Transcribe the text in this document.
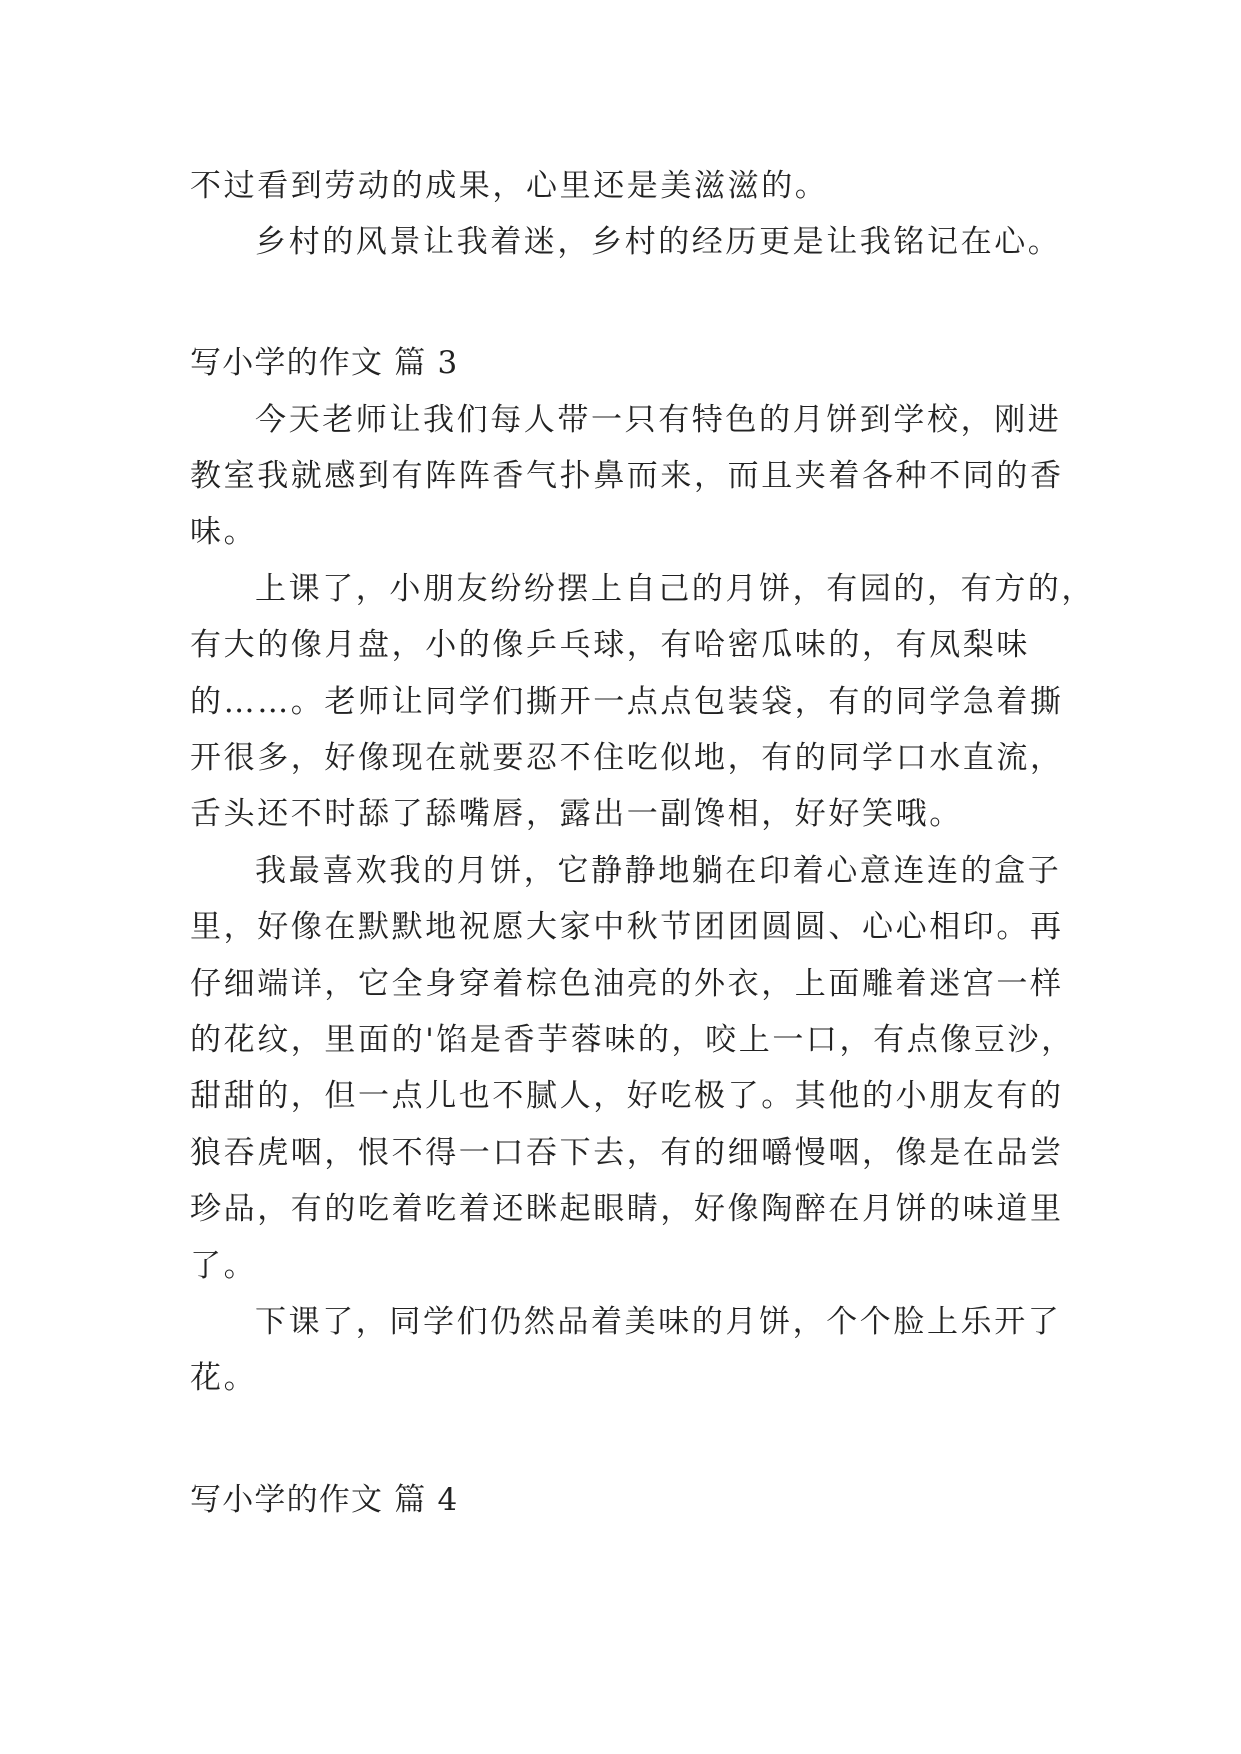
不过看到劳动的成果，心里还是美滋滋的。

乡村的风景让我着迷，乡村的经历更是让我铭记在心。

写小学的作文 篇 3

今天老师让我们每人带一只有特色的月饼到学校，刚进

教室我就感到有阵阵香气扑鼻而来，而且夹着各种不同的香

味。

上课了，小朋友纷纷摆上自己的月饼，有园的，有方的，

有大的像月盘，小的像乒乓球，有哈密瓜味的，有凤梨味

的……。老师让同学们撕开一点点包装袋，有的同学急着撕

开很多，好像现在就要忍不住吃似地，有的同学口水直流，

舌头还不时舔了舔嘴唇，露出一副馋相，好好笑哦。

我最喜欢我的月饼，它静静地躺在印着心意连连的盒子

里，好像在默默地祝愿大家中秋节团团圆圆、心心相印。再

仔细端详，它全身穿着棕色油亮的外衣，上面雕着迷宫一样

的花纹，里面的'馅是香芋蓉味的，咬上一口，有点像豆沙，

甜甜的，但一点儿也不腻人，好吃极了。其他的小朋友有的

狼吞虎咽，恨不得一口吞下去，有的细嚼慢咽，像是在品尝

珍品，有的吃着吃着还眯起眼睛，好像陶醉在月饼的味道里

了。

下课了，同学们仍然品着美味的月饼，个个脸上乐开了

花。

写小学的作文 篇 4
